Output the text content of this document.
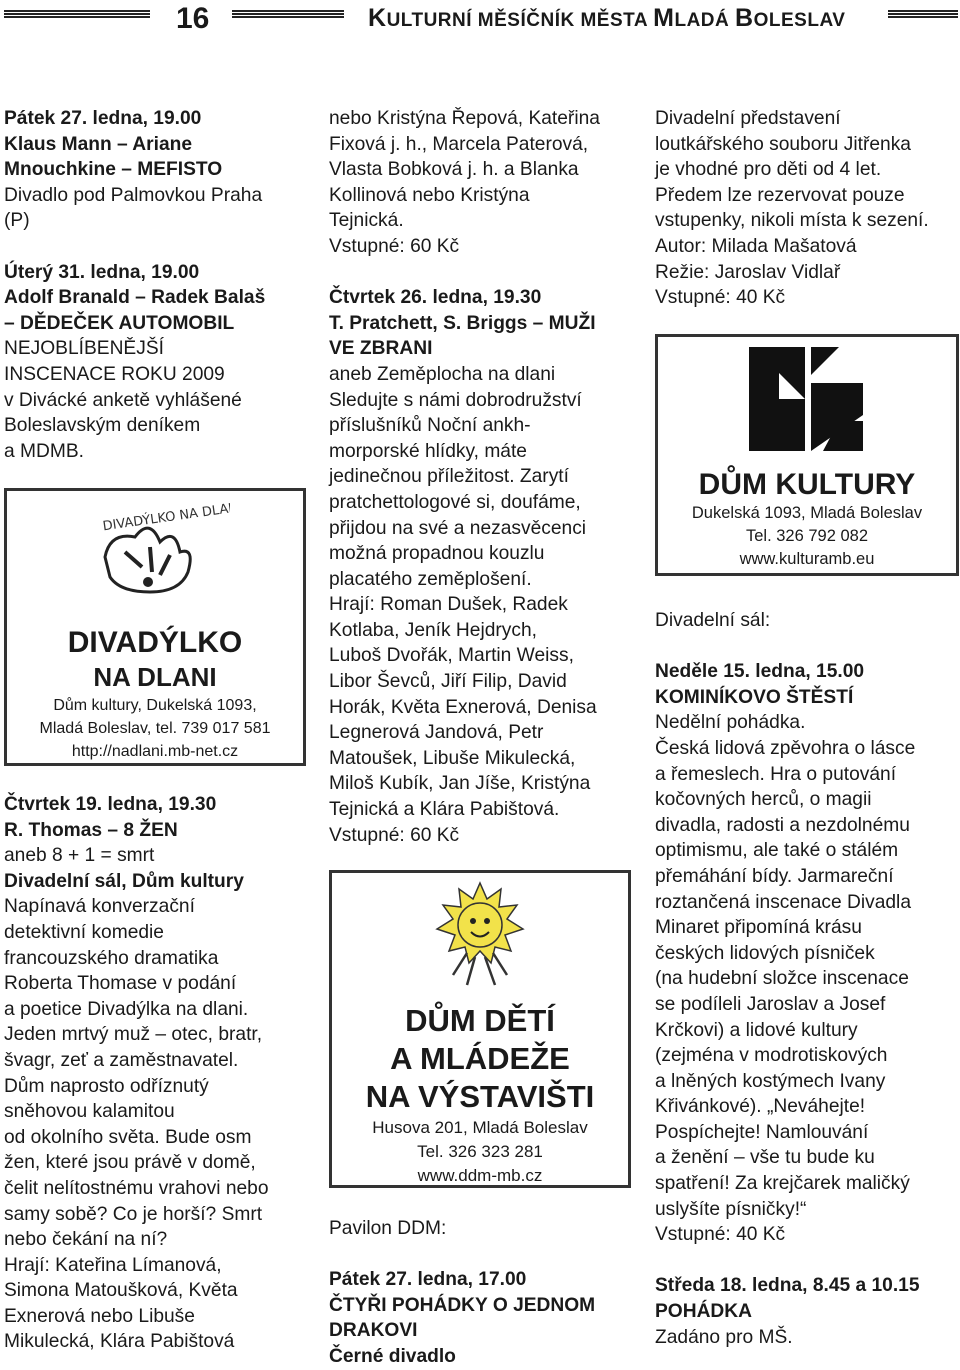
16	KULTURNÍ MĚSÍČNÍK MĚSTA MLADÁ BOLESLAV

Pátek 27. ledna, 19.00

Klaus Mann – Ariane

Mnouchkine – MEFISTO

Divadlo pod Palmovkou Praha

(P)

Úterý 31. ledna, 19.00

Adolf Branald – Radek Balaš

– DĚDEČEK AUTOMOBIL

NEJOBLÍBENĚJŠÍ

INSCENACE ROKU 2009

v Divácké anketě vyhlášené

Boleslavským deníkem

a MDMB.

DIVADÝLKO NA DLANI
DIVADÝLKO
NA DLANI
Dům kultury, Dukelská 1093,
Mladá Boleslav, tel. 739 017 581
http://nadlani.mb-net.cz

Čtvrtek 19. ledna, 19.30

R. Thomas – 8 ŽEN

aneb 8 + 1 = smrt

Divadelní sál, Dům kultury

Napínavá konverzační

detektivní komedie

francouzského dramatika

Roberta Thomase v podání

a poetice Divadýlka na dlani.

Jeden mrtvý muž – otec, bratr,

švagr, zeť a zaměstnavatel.

Dům naprosto odříznutý

sněhovou kalamitou

od okolního světa. Bude osm

žen, které jsou právě v domě,

čelit nelítostnému vrahovi nebo

samy sobě? Co je horší? Smrt

nebo čekání na ní?

Hrají: Kateřina Límanová,

Simona Matoušková, Květa

Exnerová nebo Libuše

Mikulecká, Klára Pabištová

nebo Kristýna Řepová, Kateřina

Fixová j. h., Marcela Paterová,

Vlasta Bobková j. h. a Blanka

Kollinová nebo Kristýna

Tejnická.

Vstupné: 60 Kč

Čtvrtek 26. ledna, 19.30

T. Pratchett, S. Briggs – MUŽI

VE ZBRANI

aneb Zeměplocha na dlani

Sledujte s námi dobrodružství

příslušníků Noční ankh-

morporské hlídky, máte

jedinečnou příležitost. Zarytí

pratchettologové si, doufáme,

přijdou na své a nezasvěcenci

možná propadnou kouzlu

placatého zeměplošení.

Hrají: Roman Dušek, Radek

Kotlaba, Jeník Hejdrych,

Luboš Dvořák, Martin Weiss,

Libor Ševců, Jiří Filip, David

Horák, Květa Exnerová, Denisa

Legnerová Jandová, Petr

Matoušek, Libuše Mikulecká,

Miloš Kubík, Jan Jíše, Kristýna

Tejnická a Klára Pabištová.

Vstupné: 60 Kč

DŮM DĚTÍ
A MLÁDEŽE
NA VÝSTAVIŠTI
Husova 201, Mladá Boleslav
Tel. 326 323 281
www.ddm-mb.cz

Pavilon DDM:

Pátek 27. ledna, 17.00

ČTYŘI POHÁDKY O JEDNOM

DRAKOVI

Černé divadlo

Divadelní představení

loutkářského souboru Jitřenka

je vhodné pro děti od 4 let.

Předem lze rezervovat pouze

vstupenky, nikoli místa k sezení.

Autor: Milada Mašatová

Režie: Jaroslav Vidlař

Vstupné: 40 Kč

DŮM KULTURY
Dukelská 1093, Mladá Boleslav
Tel. 326 792 082
www.kulturamb.eu

Divadelní sál:

Neděle 15. ledna, 15.00

KOMINÍKOVO ŠTĚSTÍ

Nedělní pohádka.

Česká lidová zpěvohra o lásce

a řemeslech. Hra o putování

kočovných herců, o magii

divadla, radosti a nezdolnému

optimismu, ale také o stálém

přemáhání bídy. Jarmareční

roztančená inscenace Divadla

Minaret připomíná krásu

českých lidových písniček

(na hudební složce inscenace

se podíleli Jaroslav a Josef

Krčkovi) a lidové kultury

(zejména v modrotiskových

a lněných kostýmech Ivany

Křivánkové). „Neváhejte!

Pospíchejte! Namlouvání

a ženění – vše tu bude ku

spatření! Za krejčarek maličký

uslyšíte písničky!“

Vstupné: 40 Kč

Středa 18. ledna, 8.45 a 10.15

POHÁDKA

Zadáno pro MŠ.
